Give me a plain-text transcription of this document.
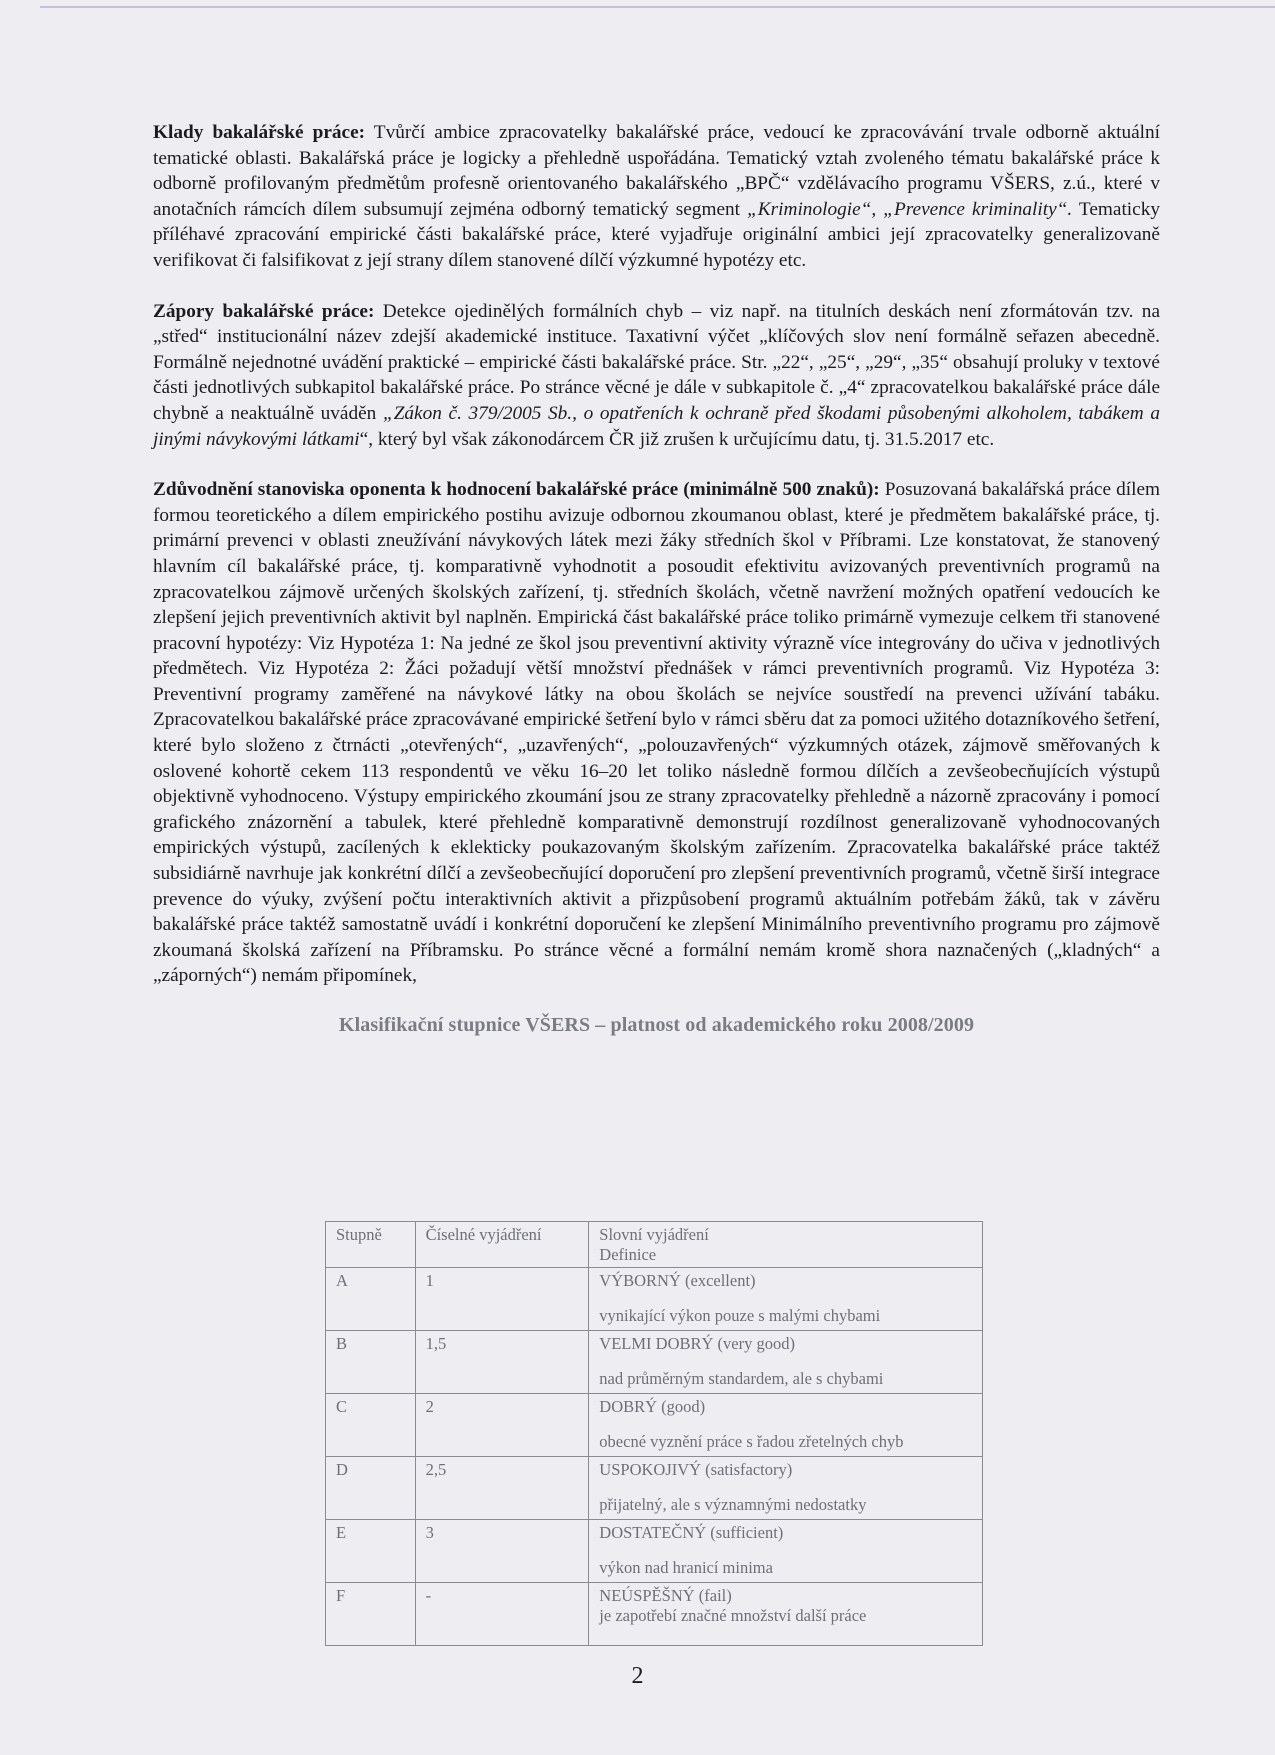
Klady bakalářské práce: Tvůrčí ambice zpracovatelky bakalářské práce, vedoucí ke zpracovávání trvale odborně aktuální tematické oblasti. Bakalářská práce je logicky a přehledně uspořádána. Tematický vztah zvoleného tématu bakalářské práce k odborně profilovaným předmětům profesně orientovaného bakalářského „BPČ“ vzdělávacího programu VŠERS, z.ú., které v anotačních rámcích dílem subsumují zejména odborný tematický segment „Kriminologie“, „Prevence kriminality“. Tematicky příléhavé zpracování empirické části bakalářské práce, které vyjadřuje originální ambici její zpracovatelky generalizovaně verifikovat či falsifikovat z její strany dílem stanovené dílčí výzkumné hypotézy etc.

Zápory bakalářské práce: Detekce ojedinělých formálních chyb – viz např. na titulních deskách není zformátován tzv. na „střed“ institucionální název zdejší akademické instituce. Taxativní výčet „klíčových slov není formálně seřazen abecedně. Formálně nejednotné uvádění praktické – empirické části bakalářské práce. Str. „22“, „25“, „29“, „35“ obsahují proluky v textové části jednotlivých subkapitol bakalářské práce. Po stránce věcné je dále v subkapitole č. „4“ zpracovatelkou bakalářské práce dále chybně a neaktuálně uváděn „Zákon č. 379/2005 Sb., o opatřeních k ochraně před škodami působenými alkoholem, tabákem a jinými návykovými látkami“, který byl však zákonodárcem ČR již zrušen k určujícímu datu, tj. 31.5.2017 etc.

Zdůvodnění stanoviska oponenta k hodnocení bakalářské práce (minimálně 500 znaků): Posuzovaná bakalářská práce dílem formou teoretického a dílem empirického postihu avizuje odbornou zkoumanou oblast, které je předmětem bakalářské práce, tj. primární prevenci v oblasti zneužívání návykových látek mezi žáky středních škol v Příbrami. Lze konstatovat, že stanovený hlavním cíl bakalářské práce, tj. komparativně vyhodnotit a posoudit efektivitu avizovaných preventivních programů na zpracovatelkou zájmově určených školských zařízení, tj. středních školách, včetně navržení možných opatření vedoucích ke zlepšení jejich preventivních aktivit byl naplněn. Empirická část bakalářské práce toliko primárně vymezuje celkem tři stanovené pracovní hypotézy: Viz Hypotéza 1: Na jedné ze škol jsou preventivní aktivity výrazně více integrovány do učiva v jednotlivých předmětech. Viz Hypotéza 2: Žáci požadují větší množství přednášek v rámci preventivních programů. Viz Hypotéza 3: Preventivní programy zaměřené na návykové látky na obou školách se nejvíce soustředí na prevenci užívání tabáku. Zpracovatelkou bakalářské práce zpracovávané empirické šetření bylo v rámci sběru dat za pomoci užitého dotazníkového šetření, které bylo složeno z čtrnácti „otevřených“, „uzavřených“, „polouzavřených“ výzkumných otázek, zájmově směřovaných k oslovené kohortě cekem 113 respondentů ve věku 16–20 let toliko následně formou dílčích a zevšeobecňujících výstupů objektivně vyhodnoceno. Výstupy empirického zkoumání jsou ze strany zpracovatelky přehledně a názorně zpracovány i pomocí grafického znázornění a tabulek, které přehledně komparativně demonstrují rozdílnost generalizovaně vyhodnocovaných empirických výstupů, zacílených k eklekticky poukazovaným školským zařízením. Zpracovatelka bakalářské práce taktéž subsidiárně navrhuje jak konkrétní dílčí a zevšeobecňující doporučení pro zlepšení preventivních programů, včetně širší integrace prevence do výuky, zvýšení počtu interaktivních aktivit a přizpůsobení programů aktuálním potřebám žáků, tak v závěru bakalářské práce taktéž samostatně uvádí i konkrétní doporučení ke zlepšení Minimálního preventivního programu pro zájmově zkoumaná školská zařízení na Příbramsku. Po stránce věcné a formální nemám kromě shora naznačených („kladných“ a „záporných“) nemám připomínek,

Klasifikační stupnice VŠERS – platnost od akademického roku 2008/2009
Stupně	Číselné vyjádření	Slovní vyjádření
Definice
A	1	VÝBORNÝ (excellent)
vynikající výkon pouze s malými chybami

B	1,5	VELMI DOBRÝ (very good)
nad průměrným standardem, ale s chybami

C	2	DOBRÝ (good)
obecné vyznění práce s řadou zřetelných chyb

D	2,5	USPOKOJIVÝ (satisfactory)
přijatelný, ale s významnými nedostatky

E	3	DOSTATEČNÝ (sufficient)
výkon nad hranicí minima

F	-	NEÚSPĚŠNÝ (fail)
je zapotřebí značné množství další práce
2
